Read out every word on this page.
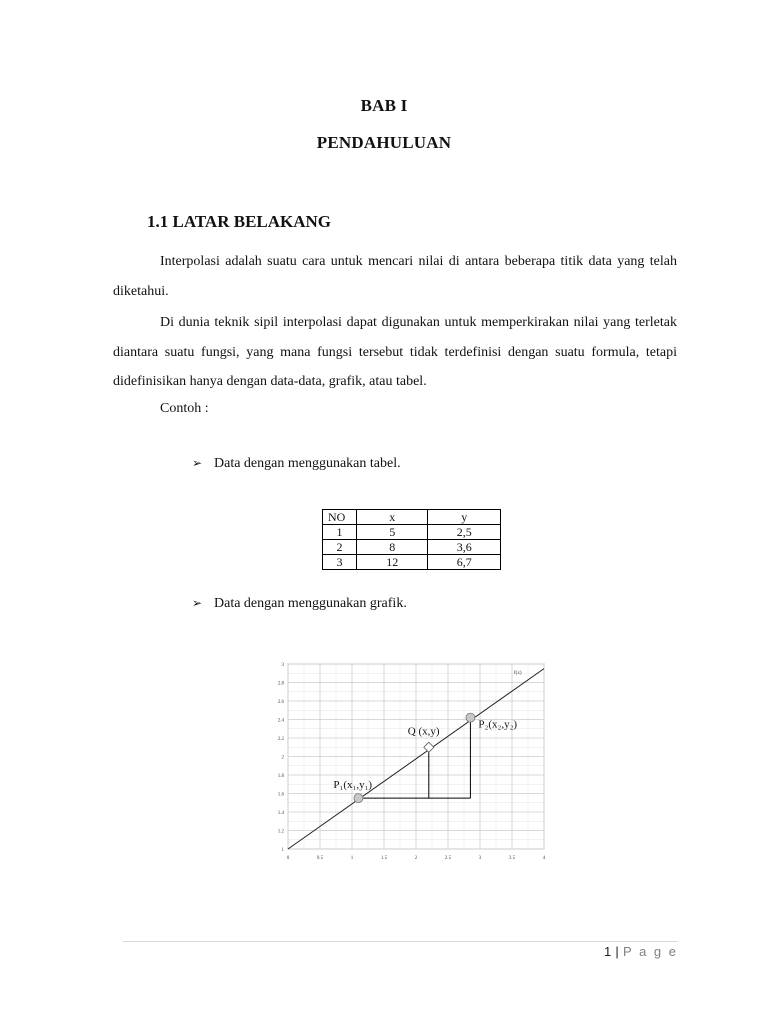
BAB I
PENDAHULUAN
1.1 LATAR BELAKANG

Interpolasi adalah suatu cara untuk mencari nilai di antara beberapa titik data yang telah diketahui.

Di dunia teknik sipil interpolasi dapat digunakan untuk memperkirakan nilai yang terletak diantara suatu fungsi, yang mana fungsi tersebut tidak terdefinisi dengan suatu formula, tetapi didefinisikan hanya dengan data-data, grafik, atau tabel.

Contoh :
➢ Data dengan menggunakan tabel.
NO	x	y
1	5	2,5
2	8	3,6
3	12	6,7
➢ Data dengan menggunakan grafik.
0	0.5	1	1.5	2	2.5	3	3.5	4
1
1.2
1.4
1.6
1.8
2
2.2
2.4
2.6
2.8
3
f(x)
P₁(x₁,y₁)
Q (x,y)
P₂(x₂,y₂)
1 | P a g e
